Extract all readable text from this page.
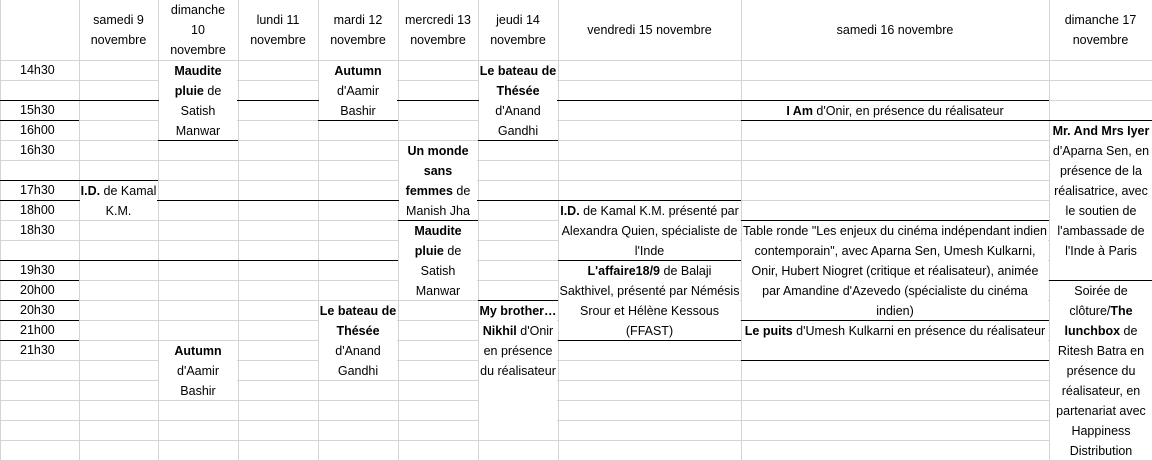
samedi 9
novembre
dimanche
10
novembre
lundi 11
novembre
mardi 12
novembre
mercredi 13
novembre
jeudi 14
novembre
vendredi 15 novembre	samedi 16 novembre
dimanche 17
novembre
14h30
15h30
16h00
16h30
17h30
18h00
18h30
19h30
20h00
20h30
21h00
21h30
I.D. de Kamal K.M.
Maudite pluie de Satish Manwar
Autumn d'Aamir Bashir
Autumn d'Aamir Bashir
Le bateau de Thésée d'Anand Gandhi
Un monde sans femmes de Manish Jha
Maudite pluie de Satish Manwar
Le bateau de Thésée d'Anand Gandhi
My brother… Nikhil d'Onir en présence du réalisateur
I.D. de Kamal K.M. présenté par Alexandra Quien, spécialiste de l'Inde
L'affaire18/9 de Balaji Sakthivel, présenté par Némésis Srour et Hélène Kessous (FFAST)
I Am d'Onir, en présence du réalisateur
Table ronde "Les enjeux du cinéma indépendant indien contemporain", avec Aparna Sen, Umesh Kulkarni, Onir, Hubert Niogret (critique et réalisateur), animée par Amandine d'Azevedo (spécialiste du cinéma indien)
Le puits d'Umesh Kulkarni en présence du réalisateur
Mr. And Mrs Iyer d'Aparna Sen, en présence de la réalisatrice, avec le soutien de l'ambassade de l'Inde à Paris
Soirée de clôture/The lunchbox de Ritesh Batra en présence du réalisateur, en partenariat avec Happiness Distribution
